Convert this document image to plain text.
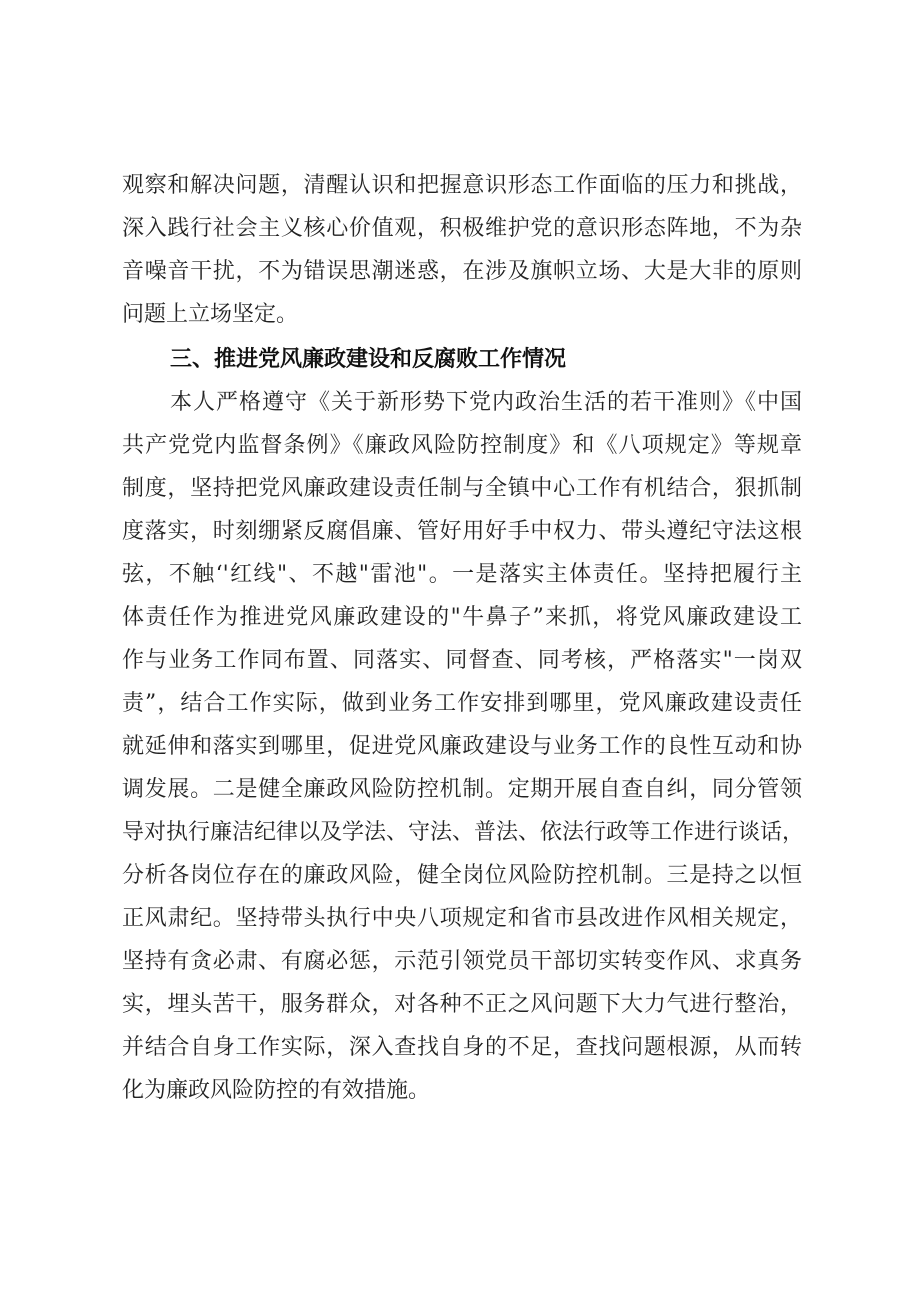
观察和解决问题，清醒认识和把握意识形态工作面临的压力和挑战，
深入践行社会主义核心价值观，积极维护党的意识形态阵地，不为杂
音噪音干扰，不为错误思潮迷惑，在涉及旗帜立场、大是大非的原则
问题上立场坚定。
三、推进党风廉政建设和反腐败工作情况
本人严格遵守《关于新形势下党内政治生活的若干准则》《中国
共产党党内监督条例》《廉政风险防控制度》和《八项规定》等规章
制度，坚持把党风廉政建设责任制与全镇中心工作有机结合，狠抓制
度落实，时刻绷紧反腐倡廉、管好用好手中权力、带头遵纪守法这根
弦，不触‘'红线"、不越"雷池"。一是落实主体责任。坚持把履行主
体责任作为推进党风廉政建设的"牛鼻子”来抓，将党风廉政建设工
作与业务工作同布置、同落实、同督查、同考核，严格落实"一岗双
责”，结合工作实际，做到业务工作安排到哪里，党风廉政建设责任
就延伸和落实到哪里，促进党风廉政建设与业务工作的良性互动和协
调发展。二是健全廉政风险防控机制。定期开展自查自纠，同分管领
导对执行廉洁纪律以及学法、守法、普法、依法行政等工作进行谈话，
分析各岗位存在的廉政风险，健全岗位风险防控机制。三是持之以恒
正风肃纪。坚持带头执行中央八项规定和省市县改进作风相关规定，
坚持有贪必肃、有腐必惩，示范引领党员干部切实转变作风、求真务
实，埋头苦干，服务群众，对各种不正之风问题下大力气进行整治，
并结合自身工作实际，深入查找自身的不足，查找问题根源，从而转
化为廉政风险防控的有效措施。
